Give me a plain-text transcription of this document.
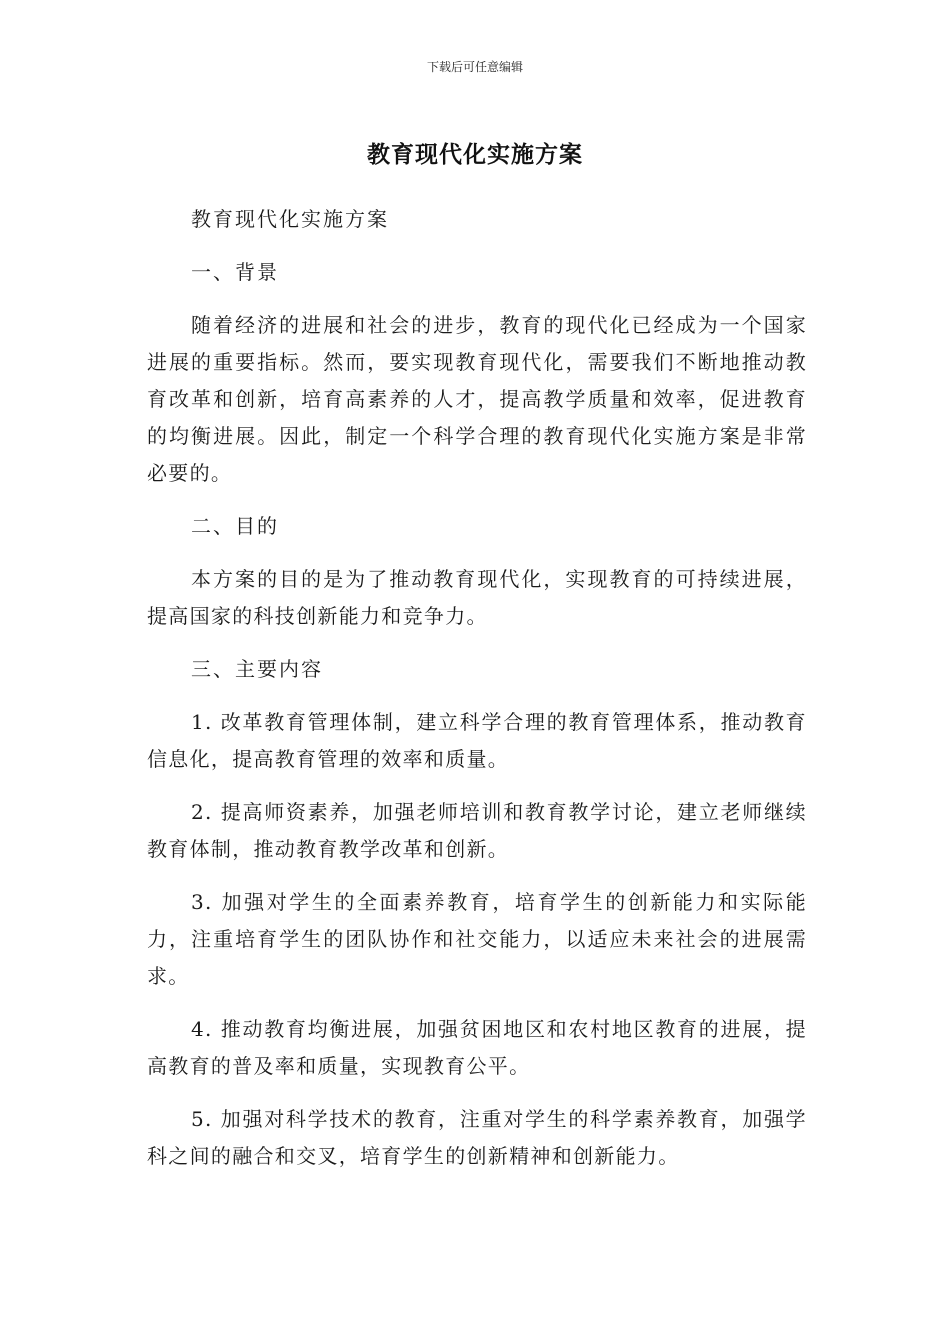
下载后可任意编辑
教育现代化实施方案

教育现代化实施方案

一、背景

随着经济的进展和社会的进步，教育的现代化已经成为一个国家进展的重要指标。然而，要实现教育现代化，需要我们不断地推动教育改革和创新，培育高素养的人才，提高教学质量和效率，促进教育的均衡进展。因此，制定一个科学合理的教育现代化实施方案是非常必要的。

二、目的

本方案的目的是为了推动教育现代化，实现教育的可持续进展，提高国家的科技创新能力和竞争力。

三、主要内容

1. 改革教育管理体制，建立科学合理的教育管理体系，推动教育信息化，提高教育管理的效率和质量。

2. 提高师资素养，加强老师培训和教育教学讨论，建立老师继续教育体制，推动教育教学改革和创新。

3. 加强对学生的全面素养教育，培育学生的创新能力和实际能力，注重培育学生的团队协作和社交能力，以适应未来社会的进展需求。

4. 推动教育均衡进展，加强贫困地区和农村地区教育的进展，提高教育的普及率和质量，实现教育公平。

5. 加强对科学技术的教育，注重对学生的科学素养教育，加强学科之间的融合和交叉，培育学生的创新精神和创新能力。
